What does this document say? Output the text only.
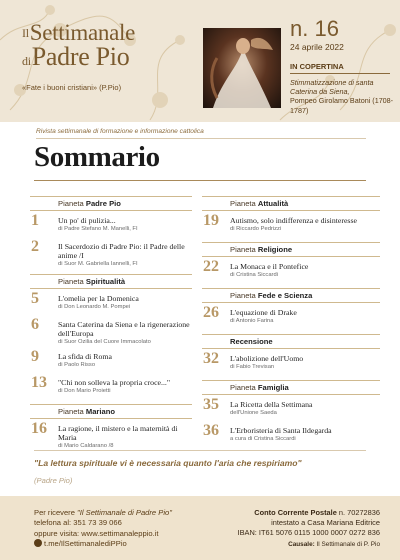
$^{Il}$Settimanale
diPadre Pio
«Fate i buoni cristiani» (P.Pio)
n. 16
24 aprile 2022
IN COPERTINA
Stimmatizzazione di santa Caterina da Siena,
Pompeo Girolamo Batoni (1708-1787)
Rivista settimanale di formazione e informazione cattolica
Sommario
Pianeta Padre Pio
1 Un po' di pulizia...
di Padre Stefano M. Manelli, FI
2 Il Sacerdozio di Padre Pio: il Padre delle anime /I
di Suor M. Gabriella Iannelli, FI
Pianeta Spiritualità
5 L'omelia per la Domenica
di Don Leonardo M. Pompei
6 Santa Caterina da Siena e la rigenerazione dell'Europa
di Suor Ozilia del Cuore Immacolato
9 La sfida di Roma
di Paolo Risso
13 "Chi non solleva la propria croce..."
di Don Mario Proietti
Pianeta Mariano
16 La ragione, il mistero e la maternità di Maria
di Mario Caldarano /8
Pianeta Attualità
19 Autismo, solo indifferenza e disinteresse
di Riccardo Pedrizzi
Pianeta Religione
22 La Monaca e il Pontefice
di Cristina Siccardi
Pianeta Fede e Scienza
26 L'equazione di Drake
di Antonio Farina
Recensione
32 L'abolizione dell'Uomo
di Fabio Trevisan
Pianeta Famiglia
35 La Ricetta della Settimana
dell'Unione Saeda
36 L'Erboristeria di Santa Ildegarda
a cura di Cristina Siccardi
"La lettura spirituale vi è necessaria quanto l'aria che respiriamo"
(Padre Pio)
Per ricevere "Il Settimanale di Padre Pio"
telefona al: 351 73 39 066
oppure visita: www.settimanaleppio.it
t.me/IlSettimanalediPPio
Conto Corrente Postale n. 70272836
intestato a Casa Mariana Editrice
IBAN: IT61 5076 0115 1000 0007 0272 836
Causale: Il Settimanale di P. Pio
